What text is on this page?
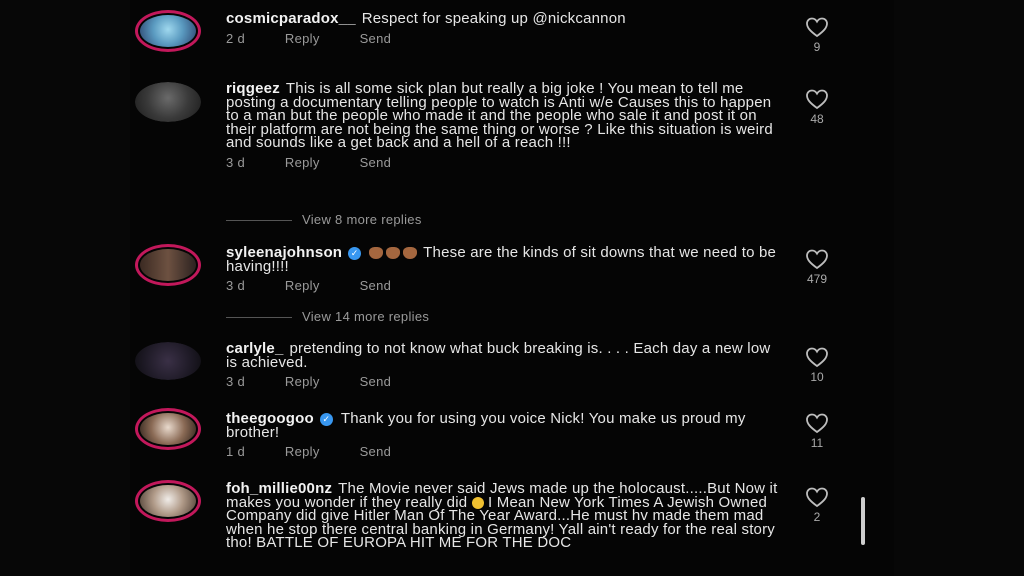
cosmicparadox__ Respect for speaking up @nickcannon
2 d	Reply	Send
9
riqgeez This is all some sick plan but really a big joke ! You mean to tell me posting a documentary telling people to watch is Anti w/e Causes this to happen to a man but the people who made it and the people who sale it and post it on their platform are not being the same thing or worse ? Like this situation is weird and sounds like a get back and a hell of a reach !!!
3 d	Reply	Send
48
View 8 more replies
syleenajohnson ✓	These are the kinds of sit downs that we need to be having!!!!
3 d	Reply	Send	479
View 14 more replies
carlyle_ pretending to not know what buck breaking is. . . . Each day a new low is achieved.
3 d	Reply	Send	10
theegoogoo ✓ Thank you for using you voice Nick! You make us proud my brother!
1 d	Reply	Send
11
foh_millie00nz The Movie never said Jews made up the holocaust.....But Now it makes you wonder if they really did I Mean New York Times A Jewish Owned Company did give Hitler Man Of The Year Award...He must hv made them mad when he stop there central banking in Germany! Yall ain't ready for the real story tho! BATTLE OF EUROPA HIT ME FOR THE DOC
2
